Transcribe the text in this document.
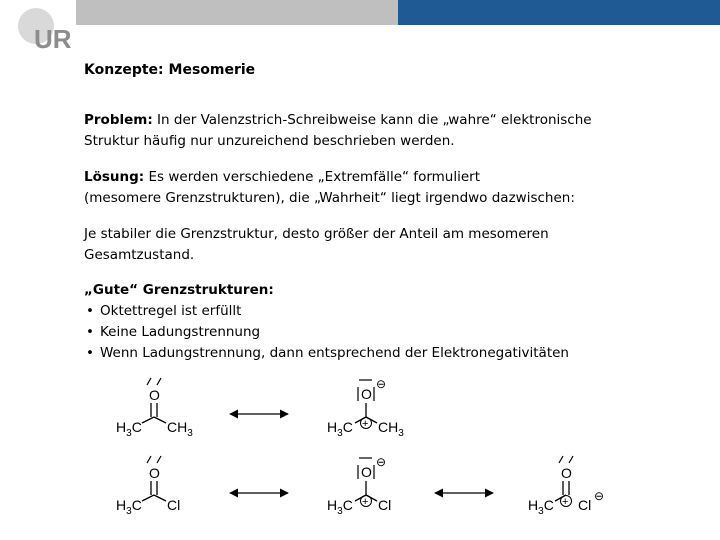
UR
Konzepte: Mesomerie
Problem: In der Valenzstrich-Schreibweise kann die „wahre“ elektronische
Struktur häufig nur unzureichend beschrieben werden.
Lösung: Es werden verschiedene „Extremfälle“ formuliert
(mesomere Grenzstrukturen), die „Wahrheit“ liegt irgendwo dazwischen:
Je stabiler die Grenzstruktur, desto größer der Anteil am mesomeren
Gesamtzustand.
„Gute“ Grenzstrukturen:
• Oktettregel ist erfüllt
• Keine Ladungstrennung
• Wenn Ladungstrennung, dann entsprechend der Elektronegativitäten
O
$H_3C$ $CH_3$
O
⊖
+
$H_3C$ $CH_3$
O
$H_3C$ Cl
O
⊖
+
$H_3C$ Cl
O
+
$H_3C$ Cl
⊖
